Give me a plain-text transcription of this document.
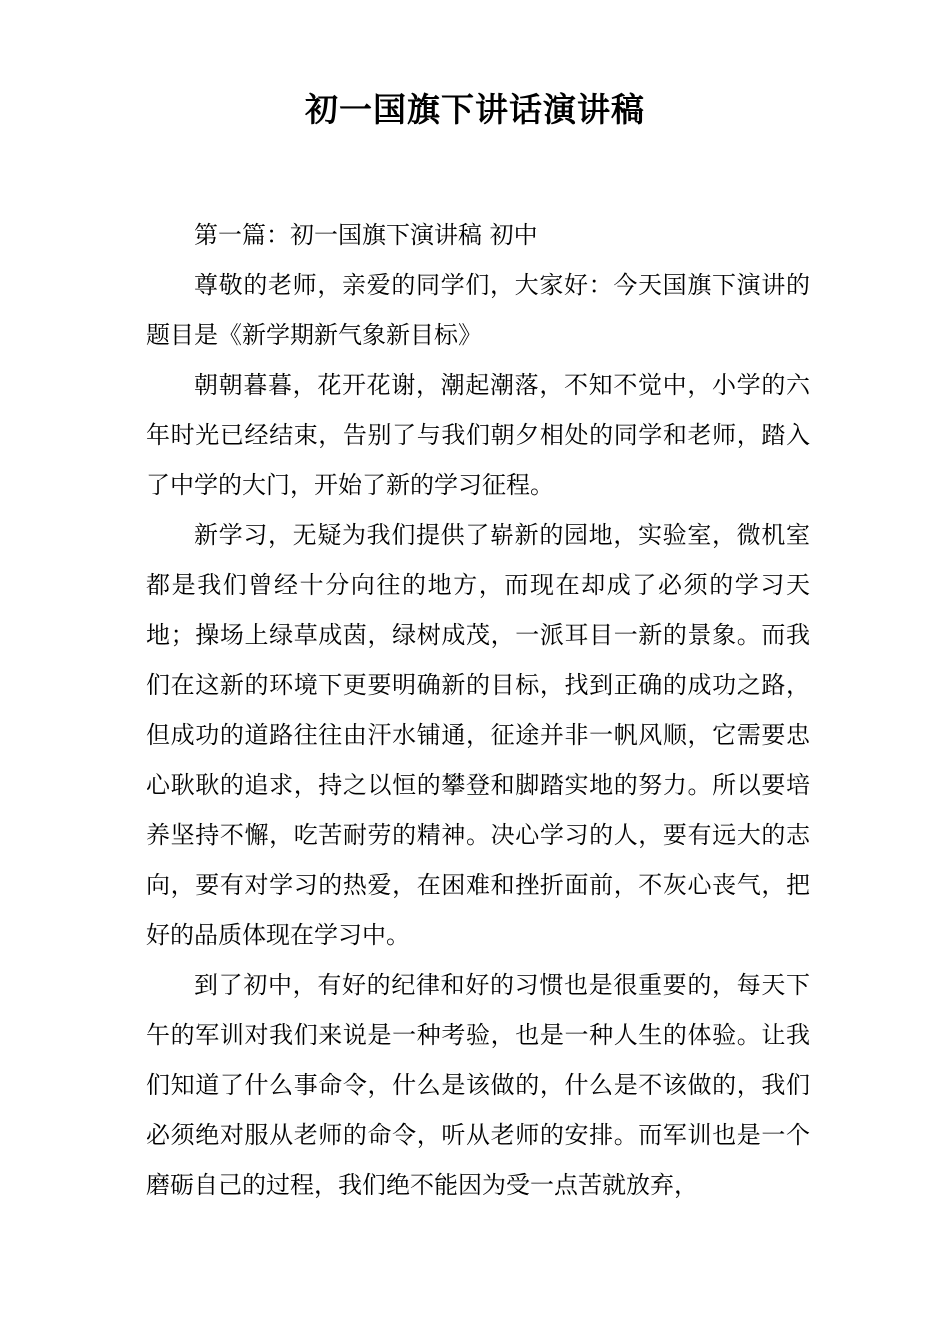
初一国旗下讲话演讲稿

第一篇：初一国旗下演讲稿 初中

尊敬的老师，亲爱的同学们，大家好：今天国旗下演讲的题目是《新学期新气象新目标》

朝朝暮暮，花开花谢，潮起潮落，不知不觉中，小学的六年时光已经结束，告别了与我们朝夕相处的同学和老师，踏入了中学的大门，开始了新的学习征程。

新学习，无疑为我们提供了崭新的园地，实验室，微机室都是我们曾经十分向往的地方，而现在却成了必须的学习天地；操场上绿草成茵，绿树成茂，一派耳目一新的景象。而我们在这新的环境下更要明确新的目标，找到正确的成功之路，但成功的道路往往由汗水铺通，征途并非一帆风顺，它需要忠心耿耿的追求，持之以恒的攀登和脚踏实地的努力。所以要培养坚持不懈，吃苦耐劳的精神。决心学习的人，要有远大的志向，要有对学习的热爱，在困难和挫折面前，不灰心丧气，把好的品质体现在学习中。

到了初中，有好的纪律和好的习惯也是很重要的，每天下午的军训对我们来说是一种考验，也是一种人生的体验。让我们知道了什么事命令，什么是该做的，什么是不该做的，我们必须绝对服从老师的命令，听从老师的安排。而军训也是一个磨砺自己的过程，我们绝不能因为受一点苦就放弃，
